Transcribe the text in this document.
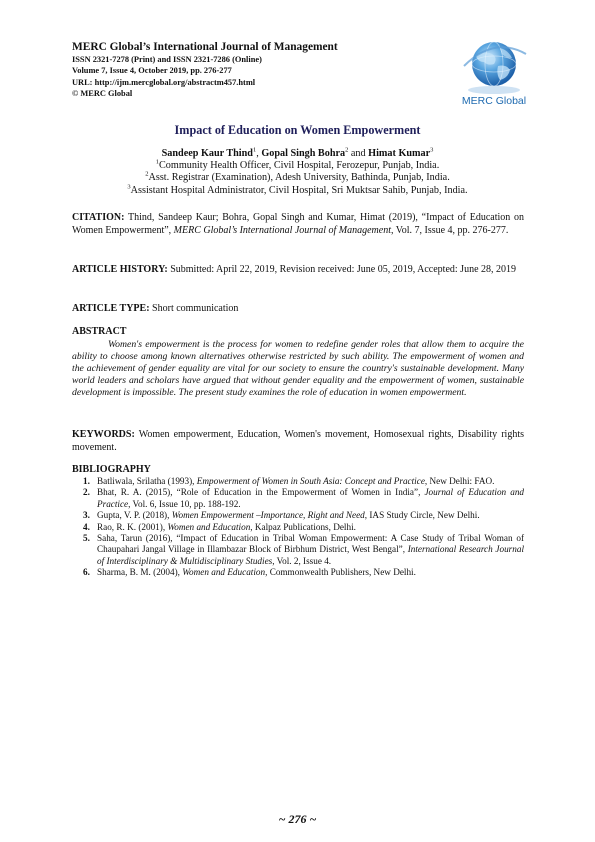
MERC Global’s International Journal of Management
ISSN 2321-7278 (Print) and ISSN 2321-7286 (Online)
Volume 7, Issue 4, October 2019, pp. 276-277
URL: http://ijm.mercglobal.org/abstractm457.html
© MERC Global
MERC Global
Impact of Education on Women Empowerment
Sandeep Kaur Thind$^1$, Gopal Singh Bohra$^2$ and Himat Kumar$^3$
$^1$Community Health Officer, Civil Hospital, Ferozepur, Punjab, India.
$^2$Asst. Registrar (Examination), Adesh University, Bathinda, Punjab, India.
$^3$Assistant Hospital Administrator, Civil Hospital, Sri Muktsar Sahib, Punjab, India.
CITATION: Thind, Sandeep Kaur; Bohra, Gopal Singh and Kumar, Himat (2019), “Impact of Education on Women Empowerment”, MERC Global’s International Journal of Management, Vol. 7, Issue 4, pp. 276-277.
ARTICLE HISTORY: Submitted: April 22, 2019, Revision received: June 05, 2019, Accepted: June 28, 2019
ARTICLE TYPE: Short communication
ABSTRACT
Women's empowerment is the process for women to redefine gender roles that allow them to acquire the ability to choose among known alternatives otherwise restricted by such ability. The empowerment of women and the achievement of gender equality are vital for our society to ensure the country's sustainable development. Many world leaders and scholars have argued that without gender equality and the empowerment of women, sustainable development is impossible. The present study examines the role of education in women empowerment.
KEYWORDS: Women empowerment, Education, Women's movement, Homosexual rights, Disability rights movement.
BIBLIOGRAPHY
1. Batliwala, Srilatha (1993), Empowerment of Women in South Asia: Concept and Practice, New Delhi: FAO.
2. Bhat, R. A. (2015), “Role of Education in the Empowerment of Women in India”, Journal of Education and Practice, Vol. 6, Issue 10, pp. 188-192.
3. Gupta, V. P. (2018), Women Empowerment –Importance, Right and Need, IAS Study Circle, New Delhi.
4. Rao, R. K. (2001), Women and Education, Kalpaz Publications, Delhi.
5. Saha, Tarun (2016), “Impact of Education in Tribal Woman Empowerment: A Case Study of Tribal Woman of Chaupahari Jangal Village in Illambazar Block of Birbhum District, West Bengal”, International Research Journal of Interdisciplinary & Multidisciplinary Studies, Vol. 2, Issue 4.
6. Sharma, B. M. (2004), Women and Education, Commonwealth Publishers, New Delhi.
~ 276 ~
